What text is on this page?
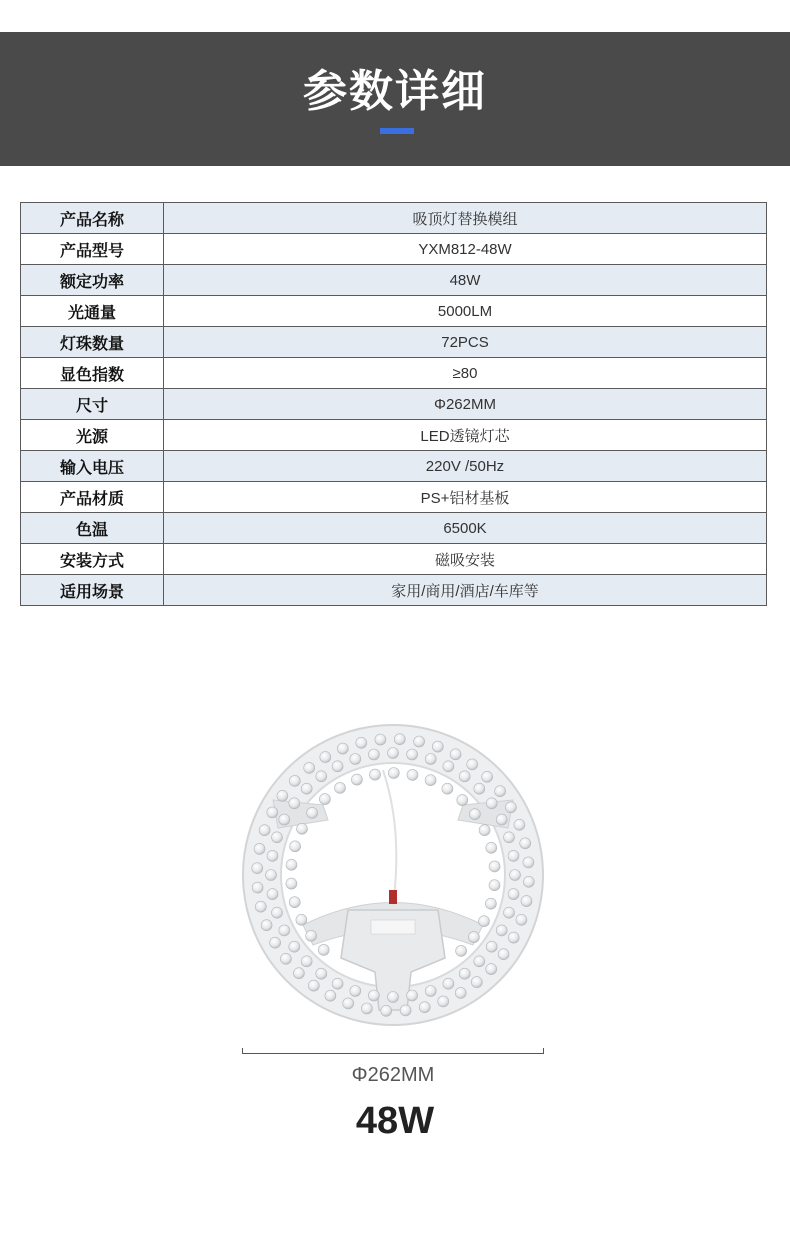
参数详细
产品名称	吸顶灯替换模组
产品型号	YXM812-48W
额定功率	48W
光通量	5000LM
灯珠数量	72PCS
显色指数	≥80
尺寸	Φ262MM
光源	LED透镜灯芯
输入电压	220V /50Hz
产品材质	PS+铝材基板
色温	6500K
安装方式	磁吸安装
适用场景	家用/商用/酒店/车库等
Φ262MM
48W
